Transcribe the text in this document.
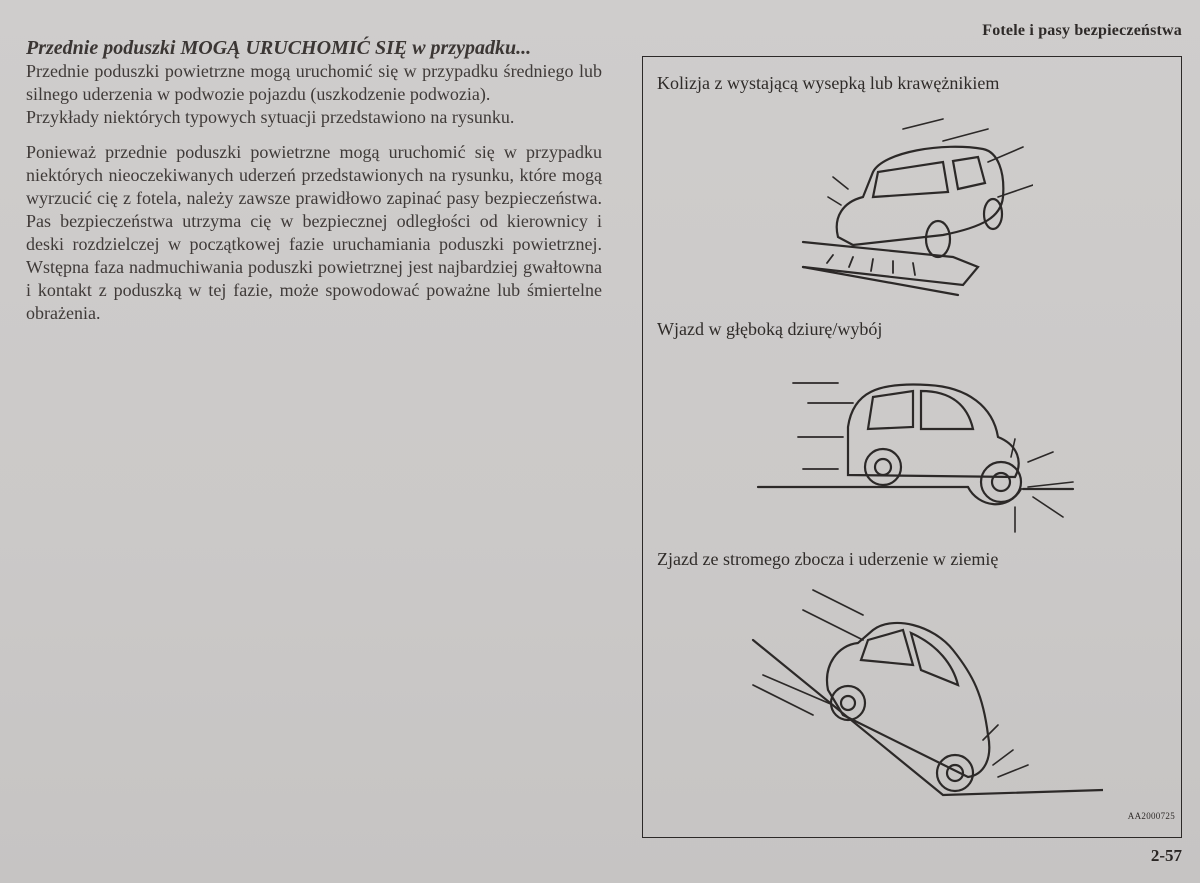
Fotele i pasy bezpieczeństwa

Przednie poduszki MOGĄ URUCHOMIĆ SIĘ w przypadku...

Przednie poduszki powietrzne mogą uruchomić się w przypadku średniego lub silnego uderzenia w podwozie pojazdu (uszkodzenie podwozia).

Przykłady niektórych typowych sytuacji przedstawiono na rysunku.

Ponieważ przednie poduszki powietrzne mogą uruchomić się w przypadku niektórych nieoczekiwanych uderzeń przedstawionych na rysunku, które mogą wyrzucić cię z fotela, należy zawsze prawidłowo zapinać pasy bezpieczeństwa. Pas bezpieczeństwa utrzyma cię w bezpiecznej odległości od kierownicy i deski rozdzielczej w początkowej fazie uruchamiania poduszki powietrznej. Wstępna faza nadmuchiwania poduszki powietrznej jest najbardziej gwałtowna i kontakt z poduszką w tej fazie, może spowodować poważne lub śmiertelne obrażenia.

Kolizja z wystającą wysepką lub krawężnikiem
Wjazd w głęboką dziurę/wybój
Zjazd ze stromego zbocza i uderzenie w ziemię
AA2000725
2-57
